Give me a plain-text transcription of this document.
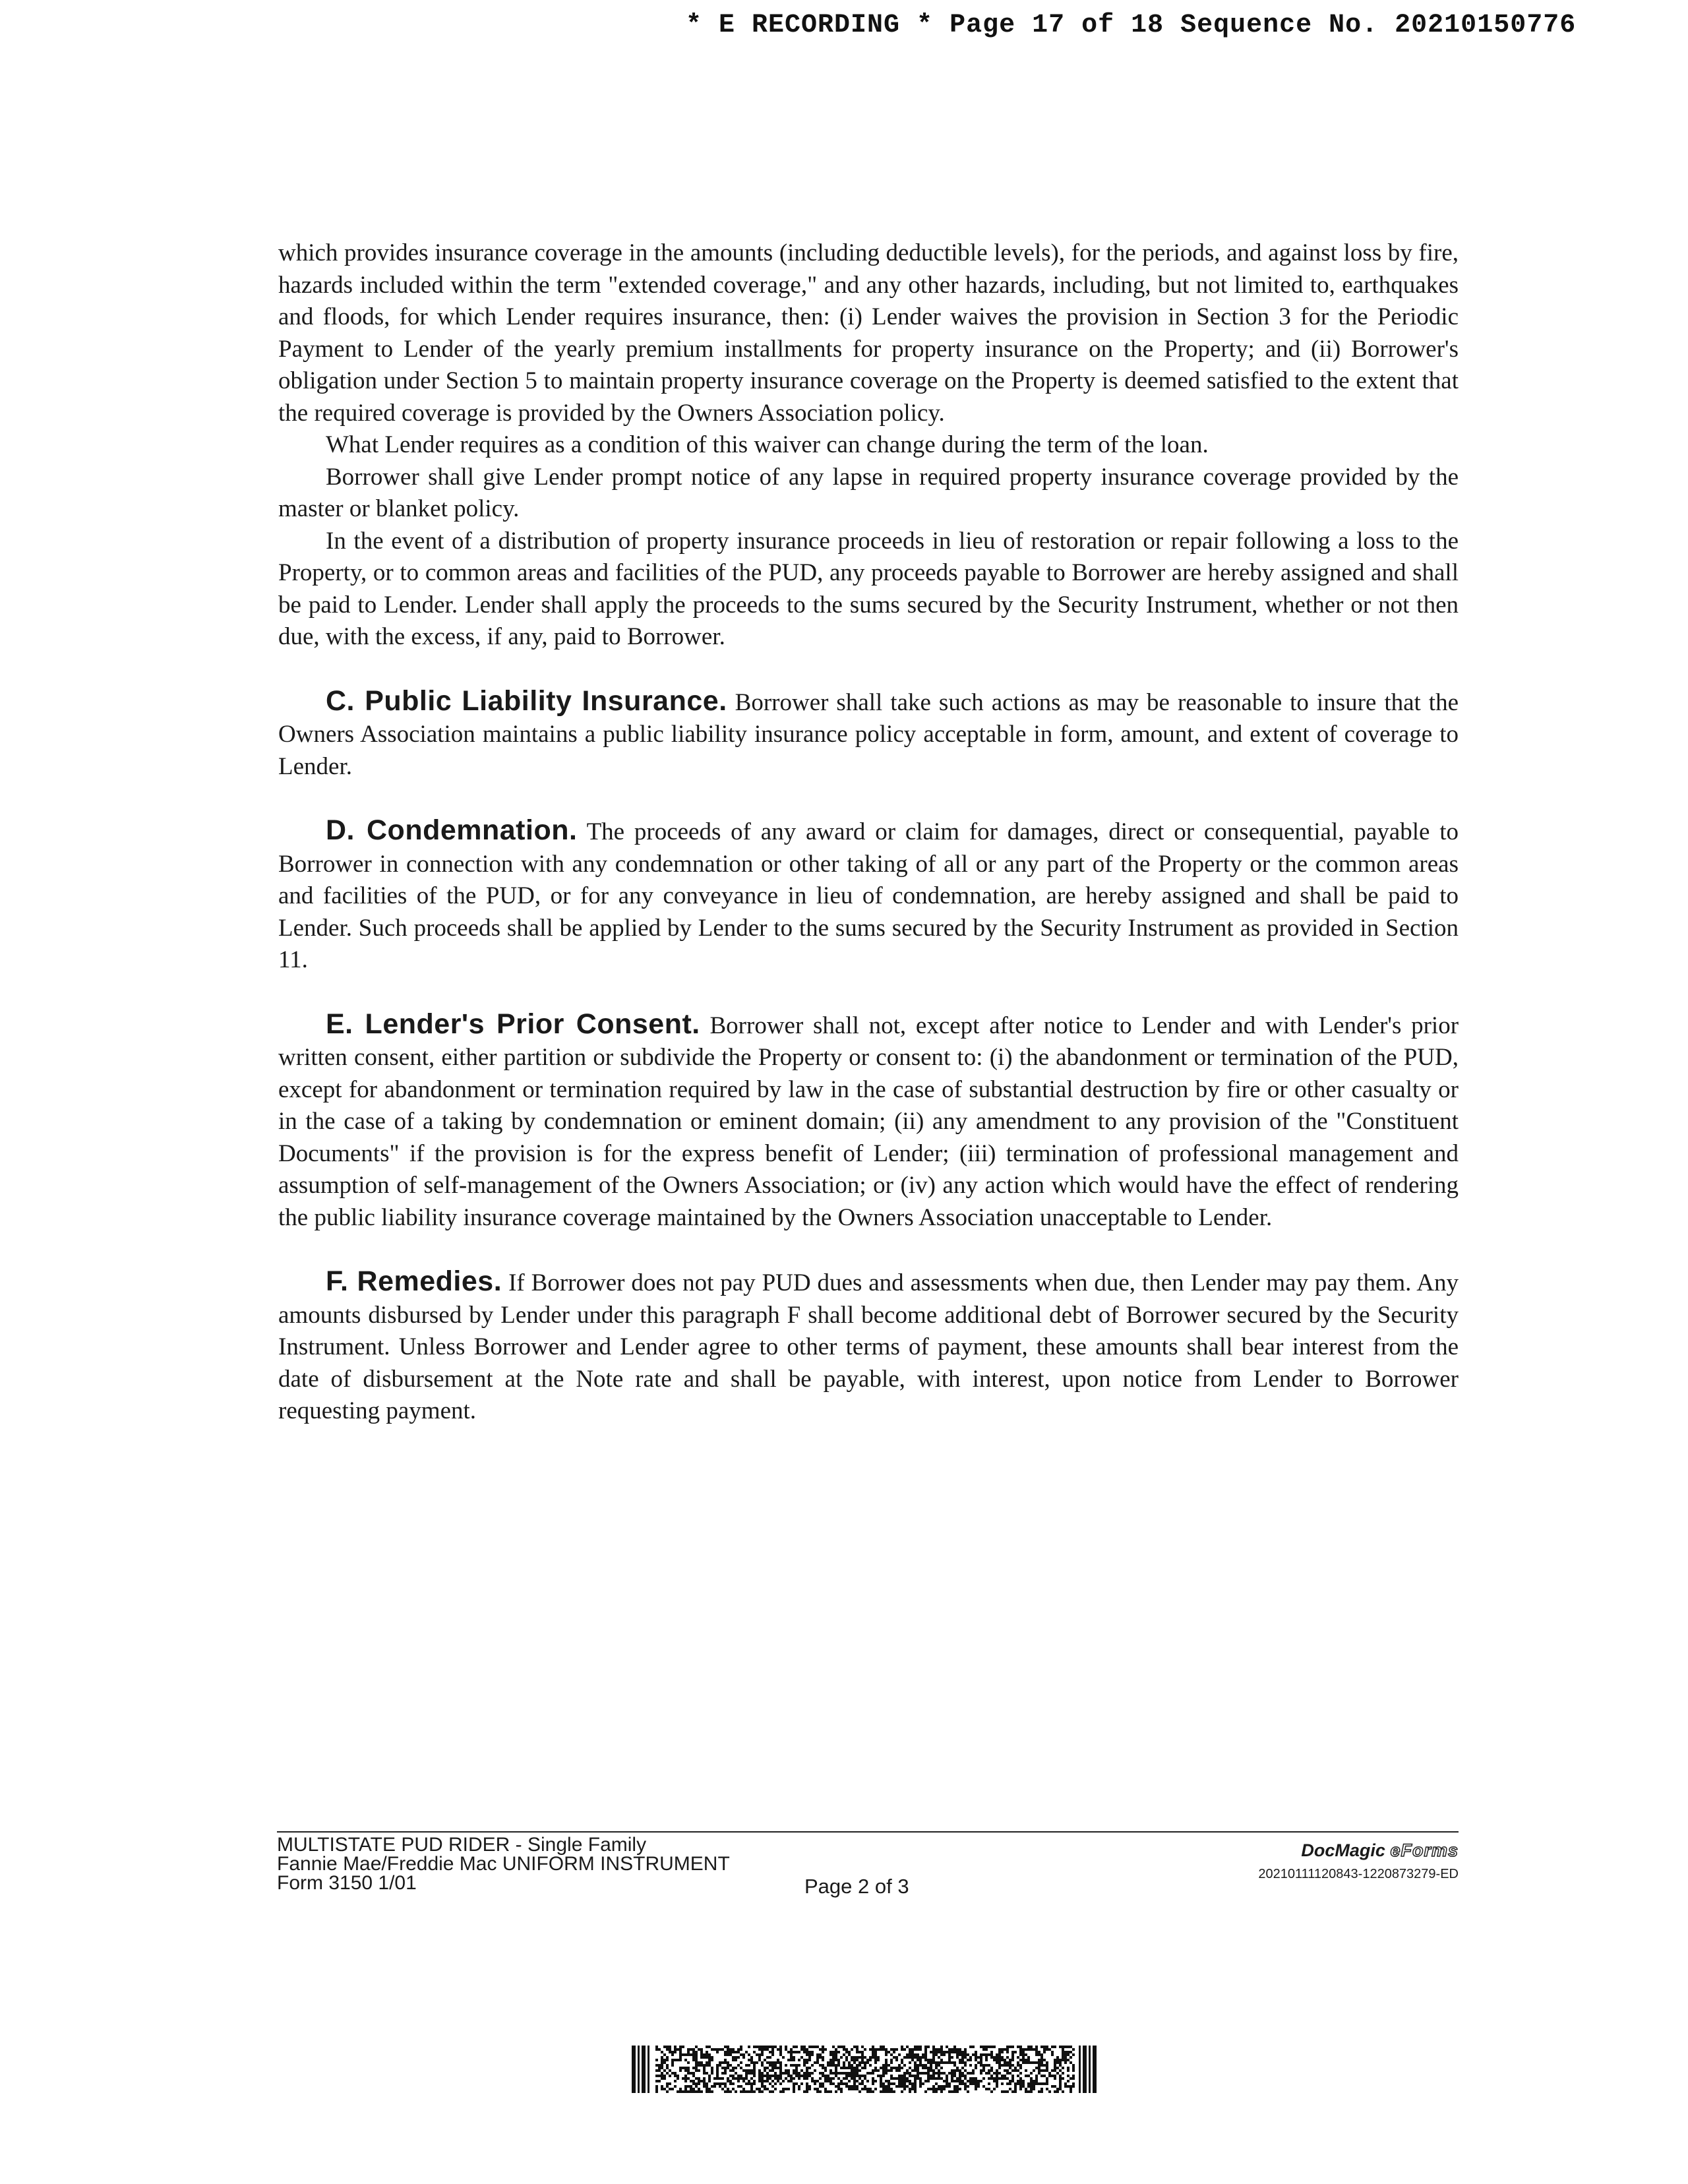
* E RECORDING * Page 17 of 18 Sequence No. 20210150776

which provides insurance coverage in the amounts (including deductible levels), for the periods, and against loss by fire, hazards included within the term "extended coverage," and any other hazards, including, but not limited to, earthquakes and floods, for which Lender requires insurance, then: (i) Lender waives the provision in Section 3 for the Periodic Payment to Lender of the yearly premium installments for property insurance on the Property; and (ii) Borrower's obligation under Section 5 to maintain property insurance coverage on the Property is deemed satisfied to the extent that the required coverage is provided by the Owners Association policy.

What Lender requires as a condition of this waiver can change during the term of the loan.

Borrower shall give Lender prompt notice of any lapse in required property insurance coverage provided by the master or blanket policy.

In the event of a distribution of property insurance proceeds in lieu of restoration or repair following a loss to the Property, or to common areas and facilities of the PUD, any proceeds payable to Borrower are hereby assigned and shall be paid to Lender. Lender shall apply the proceeds to the sums secured by the Security Instrument, whether or not then due, with the excess, if any, paid to Borrower.

C. Public Liability Insurance. Borrower shall take such actions as may be reasonable to insure that the Owners Association maintains a public liability insurance policy acceptable in form, amount, and extent of coverage to Lender.

D. Condemnation. The proceeds of any award or claim for damages, direct or consequential, payable to Borrower in connection with any condemnation or other taking of all or any part of the Property or the common areas and facilities of the PUD, or for any conveyance in lieu of condemnation, are hereby assigned and shall be paid to Lender. Such proceeds shall be applied by Lender to the sums secured by the Security Instrument as provided in Section 11.

E. Lender's Prior Consent. Borrower shall not, except after notice to Lender and with Lender's prior written consent, either partition or subdivide the Property or consent to: (i) the abandonment or termination of the PUD, except for abandonment or termination required by law in the case of substantial destruction by fire or other casualty or in the case of a taking by condemnation or eminent domain; (ii) any amendment to any provision of the "Constituent Documents" if the provision is for the express benefit of Lender; (iii) termination of professional management and assumption of self-management of the Owners Association; or (iv) any action which would have the effect of rendering the public liability insurance coverage maintained by the Owners Association unacceptable to Lender.

F. Remedies. If Borrower does not pay PUD dues and assessments when due, then Lender may pay them. Any amounts disbursed by Lender under this paragraph F shall become additional debt of Borrower secured by the Security Instrument. Unless Borrower and Lender agree to other terms of payment, these amounts shall bear interest from the date of disbursement at the Note rate and shall be payable, with interest, upon notice from Lender to Borrower requesting payment.

MULTISTATE PUD RIDER - Single Family
Fannie Mae/Freddie Mac UNIFORM INSTRUMENT
Form 3150 1/01	Page 2 of 3
DocMagic eForms
20210111120843-1220873279-ED
